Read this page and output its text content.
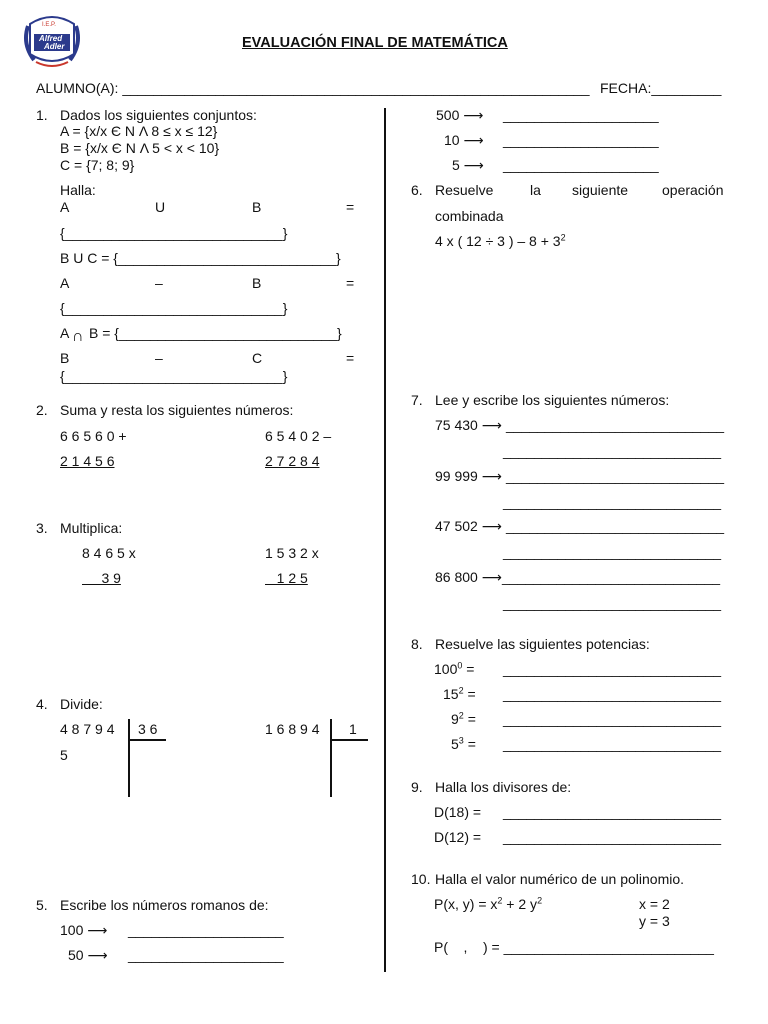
I.E.P.
Alfred
Adler	EVALUACIÓN FINAL DE MATEMÁTICA
ALUMNO(A): ____________________________________________________________ FECHA:_________
1. Dados los siguientes conjuntos:
A = {x/x Є N Λ 8 ≤ x ≤ 12}
B = {x/x Є N Λ 5 < x < 10}
C = {7; 8; 9}
Halla:
A	U	B	=
{____________________________}
B U C = {____________________________}
A	–	B	=
{____________________________}
A ∩ B = {____________________________}
B	–	C	=
{____________________________}
2. Suma y resta los siguientes números:
6 6 5 6 0 +
2 1 4 5 6
6 5 4 0 2 –
2 7 2 8 4
3. Multiplica:
8 4 6 5 x
3 9
1 5 3 2 x
1 2 5
4. Divide:
4 8 7 9 4 3 6
5
1 6 8 9 4 1
5. Escribe los números romanos de:
100 ⟶ ____________________
50 ⟶ ____________________
500 ⟶ ____________________
10 ⟶ ____________________
5 ⟶ ____________________
6. Resuelve	la siguiente operación
combinada
4 x ( 12 ÷ 3 ) – $8 + 3^2$
7. Lee y escribe los siguientes números:
75 430 ⟶ ____________________________
____________________________
99 999 ⟶ ____________________________
____________________________
47 502 ⟶ ____________________________
____________________________
86 800 ⟶ ____________________________
____________________________
8. Resuelve las siguientes potencias:
$100^0$ = ____________________________
$15^2$ = ____________________________
$9^2$ = ____________________________
$5^3$ = ____________________________
9. Halla los divisores de:
D(18) = ____________________________
D(12) = ____________________________
10. Halla el valor numérico de un polinomio.
P(x, $y) = x^2 + 2$ $y^2$	x = 2
y = 3
P(    ,    ) = ___________________________
